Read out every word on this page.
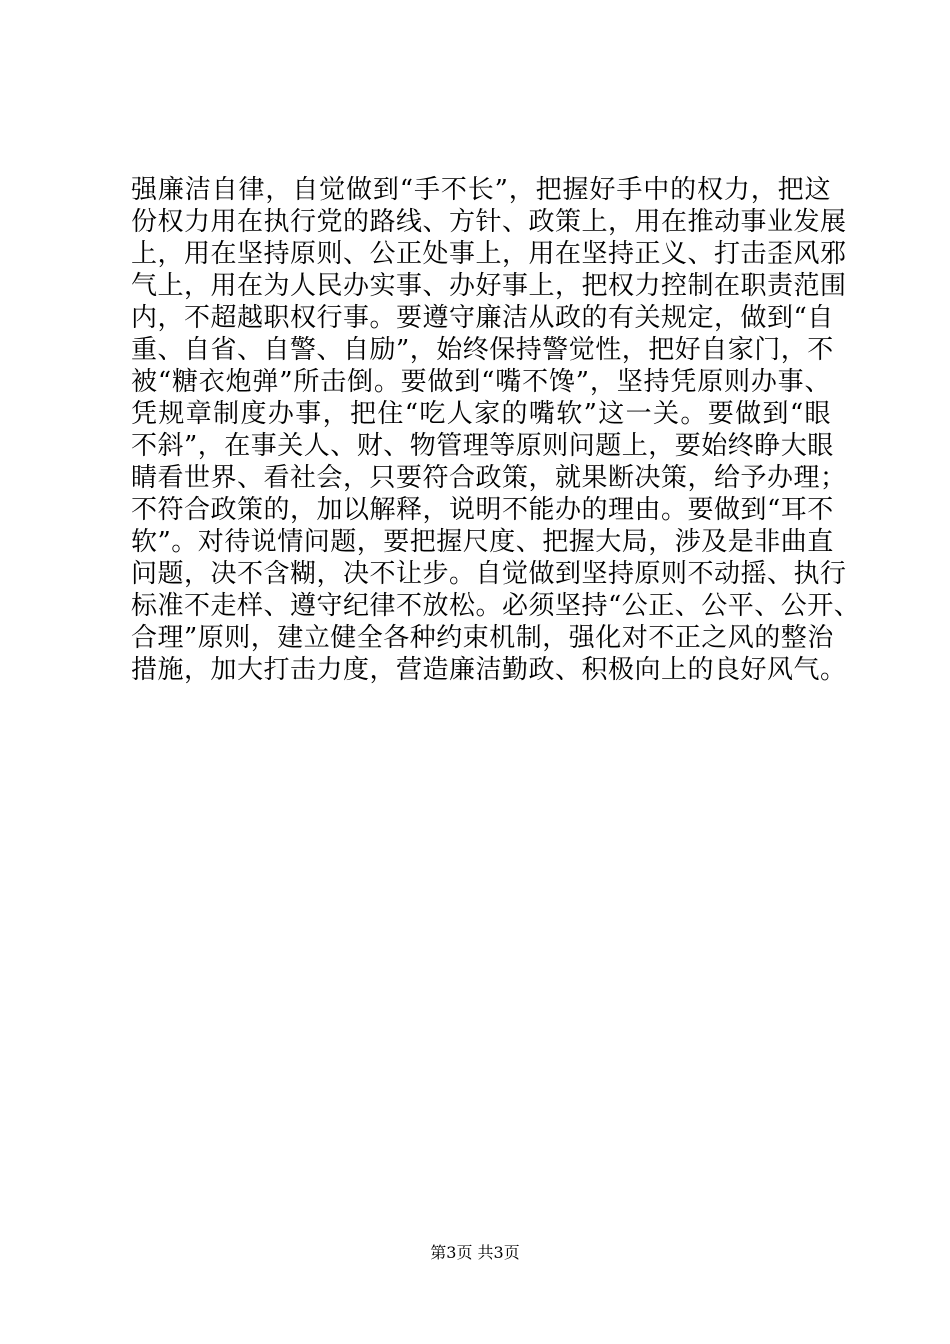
强廉洁自律，自觉做到“手不长”，把握好手中的权力，把这
份权力用在执行党的路线、方针、政策上，用在推动事业发展
上，用在坚持原则、公正处事上，用在坚持正义、打击歪风邪
气上，用在为人民办实事、办好事上，把权力控制在职责范围
内，不超越职权行事。要遵守廉洁从政的有关规定，做到“自
重、自省、自警、自励”，始终保持警觉性，把好自家门，不
被“糖衣炮弹”所击倒。要做到“嘴不馋”，坚持凭原则办事、
凭规章制度办事，把住“吃人家的嘴软”这一关。要做到“眼
不斜”，在事关人、财、物管理等原则问题上，要始终睁大眼
睛看世界、看社会，只要符合政策，就果断决策，给予办理；
不符合政策的，加以解释，说明不能办的理由。要做到“耳不
软”。对待说情问题，要把握尺度、把握大局，涉及是非曲直
问题，决不含糊，决不让步。自觉做到坚持原则不动摇、执行
标准不走样、遵守纪律不放松。必须坚持“公正、公平、公开、
合理”原则，建立健全各种约束机制，强化对不正之风的整治
措施，加大打击力度，营造廉洁勤政、积极向上的良好风气。
第3页 共3页
